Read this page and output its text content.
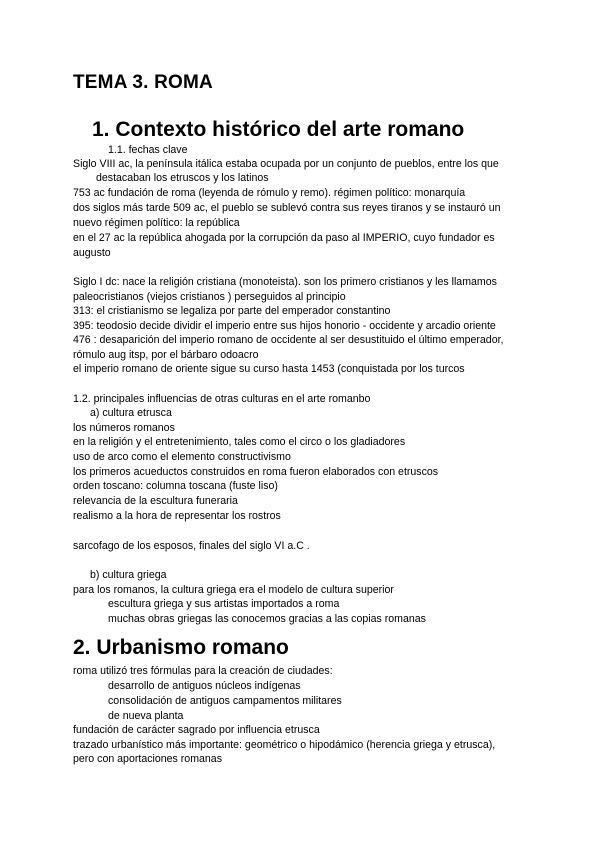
TEMA 3. ROMA
1. Contexto histórico del arte romano
1.1. fechas clave
Siglo VIII ac, la península itálica estaba ocupada por un conjunto de pueblos, entre los que
destacaban los etruscos y los latinos
753 ac fundación de roma (leyenda de rómulo y remo). régimen político: monarquía
dos siglos más tarde 509 ac, el pueblo se sublevó contra sus reyes tiranos y se instauró un
nuevo régimen político: la república
en el 27 ac la república ahogada por la corrupción da paso al IMPERIO, cuyo fundador es
augusto
Siglo I dc: nace la religión cristiana (monoteista). son los primero cristianos y les llamamos
paleocristianos (viejos cristianos ) perseguidos al principio
313: el cristianismo se legaliza por parte del emperador constantino
395: teodosio decide dividir el imperio entre sus hijos honorio - occidente y arcadio oriente
476 : desaparición del imperio romano de occidente al ser desustituido el último emperador,
rómulo aug itsp, por el bárbaro odoacro
el imperio romano de oriente sigue su curso hasta 1453 (conquistada por los turcos
1.2. principales influencias de otras culturas en el arte romanbo
a) cultura etrusca
los números romanos
en la religión y el entretenimiento, tales como el circo o los gladiadores
uso de arco como el elemento constructivismo
los primeros acueductos construidos en roma fueron elaborados con etruscos
orden toscano: columna toscana (fuste liso)
relevancia de la escultura funeraria
realismo a la hora de representar los rostros
sarcofago de los esposos, finales del siglo VI a.C .
b) cultura griega
para los romanos, la cultura griega era el modelo de cultura superior
escultura griega y sus artistas importados a roma
muchas obras griegas las conocemos gracias a las copias romanas
2. Urbanismo romano
roma utilizó tres fórmulas para la creación de ciudades:
desarrollo de antiguos núcleos indígenas
consolidación de antiguos campamentos militares
de nueva planta
fundación de carácter sagrado por influencia etrusca
trazado urbanístico más importante: geométrico o hipodámico (herencia griega y etrusca),
pero con aportaciones romanas
